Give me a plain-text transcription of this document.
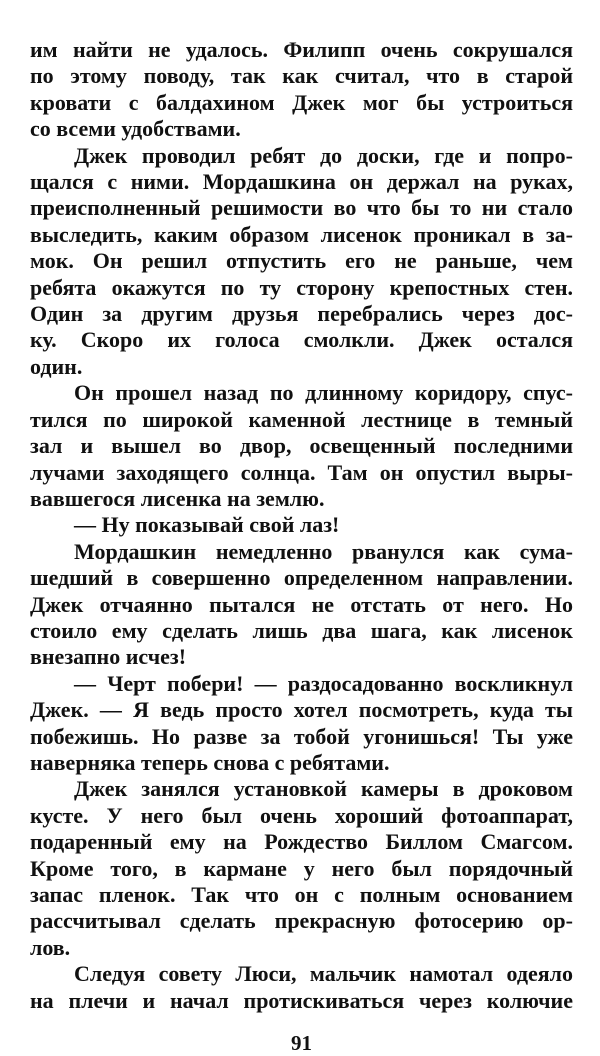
им найти не удалось. Филипп очень сокрушался
по этому поводу, так как считал, что в старой
кровати с балдахином Джек мог бы устроиться
со всеми удобствами.
Джек проводил ребят до доски, где и попро-
щался с ними. Мордашкина он держал на руках,
преисполненный решимости во что бы то ни стало
выследить, каким образом лисенок проникал в за-
мок. Он решил отпустить его не раньше, чем
ребята окажутся по ту сторону крепостных стен.
Один за другим друзья перебрались через дос-
ку. Скоро их голоса смолкли. Джек остался
один.
Он прошел назад по длинному коридору, спус-
тился по широкой каменной лестнице в темный
зал и вышел во двор, освещенный последними
лучами заходящего солнца. Там он опустил выры-
вавшегося лисенка на землю.
— Ну показывай свой лаз!
Мордашкин немедленно рванулся как сума-
шедший в совершенно определенном направлении.
Джек отчаянно пытался не отстать от него. Но
стоило ему сделать лишь два шага, как лисенок
внезапно исчез!
— Черт побери! — раздосадованно воскликнул
Джек. — Я ведь просто хотел посмотреть, куда ты
побежишь. Но разве за тобой угонишься! Ты уже
наверняка теперь снова с ребятами.
Джек занялся установкой камеры в дроковом
кусте. У него был очень хороший фотоаппарат,
подаренный ему на Рождество Биллом Смагсом.
Кроме того, в кармане у него был порядочный
запас пленок. Так что он с полным основанием
рассчитывал сделать прекрасную фотосерию ор-
лов.
Следуя совету Люси, мальчик намотал одеяло
на плечи и начал протискиваться через колючие
91
